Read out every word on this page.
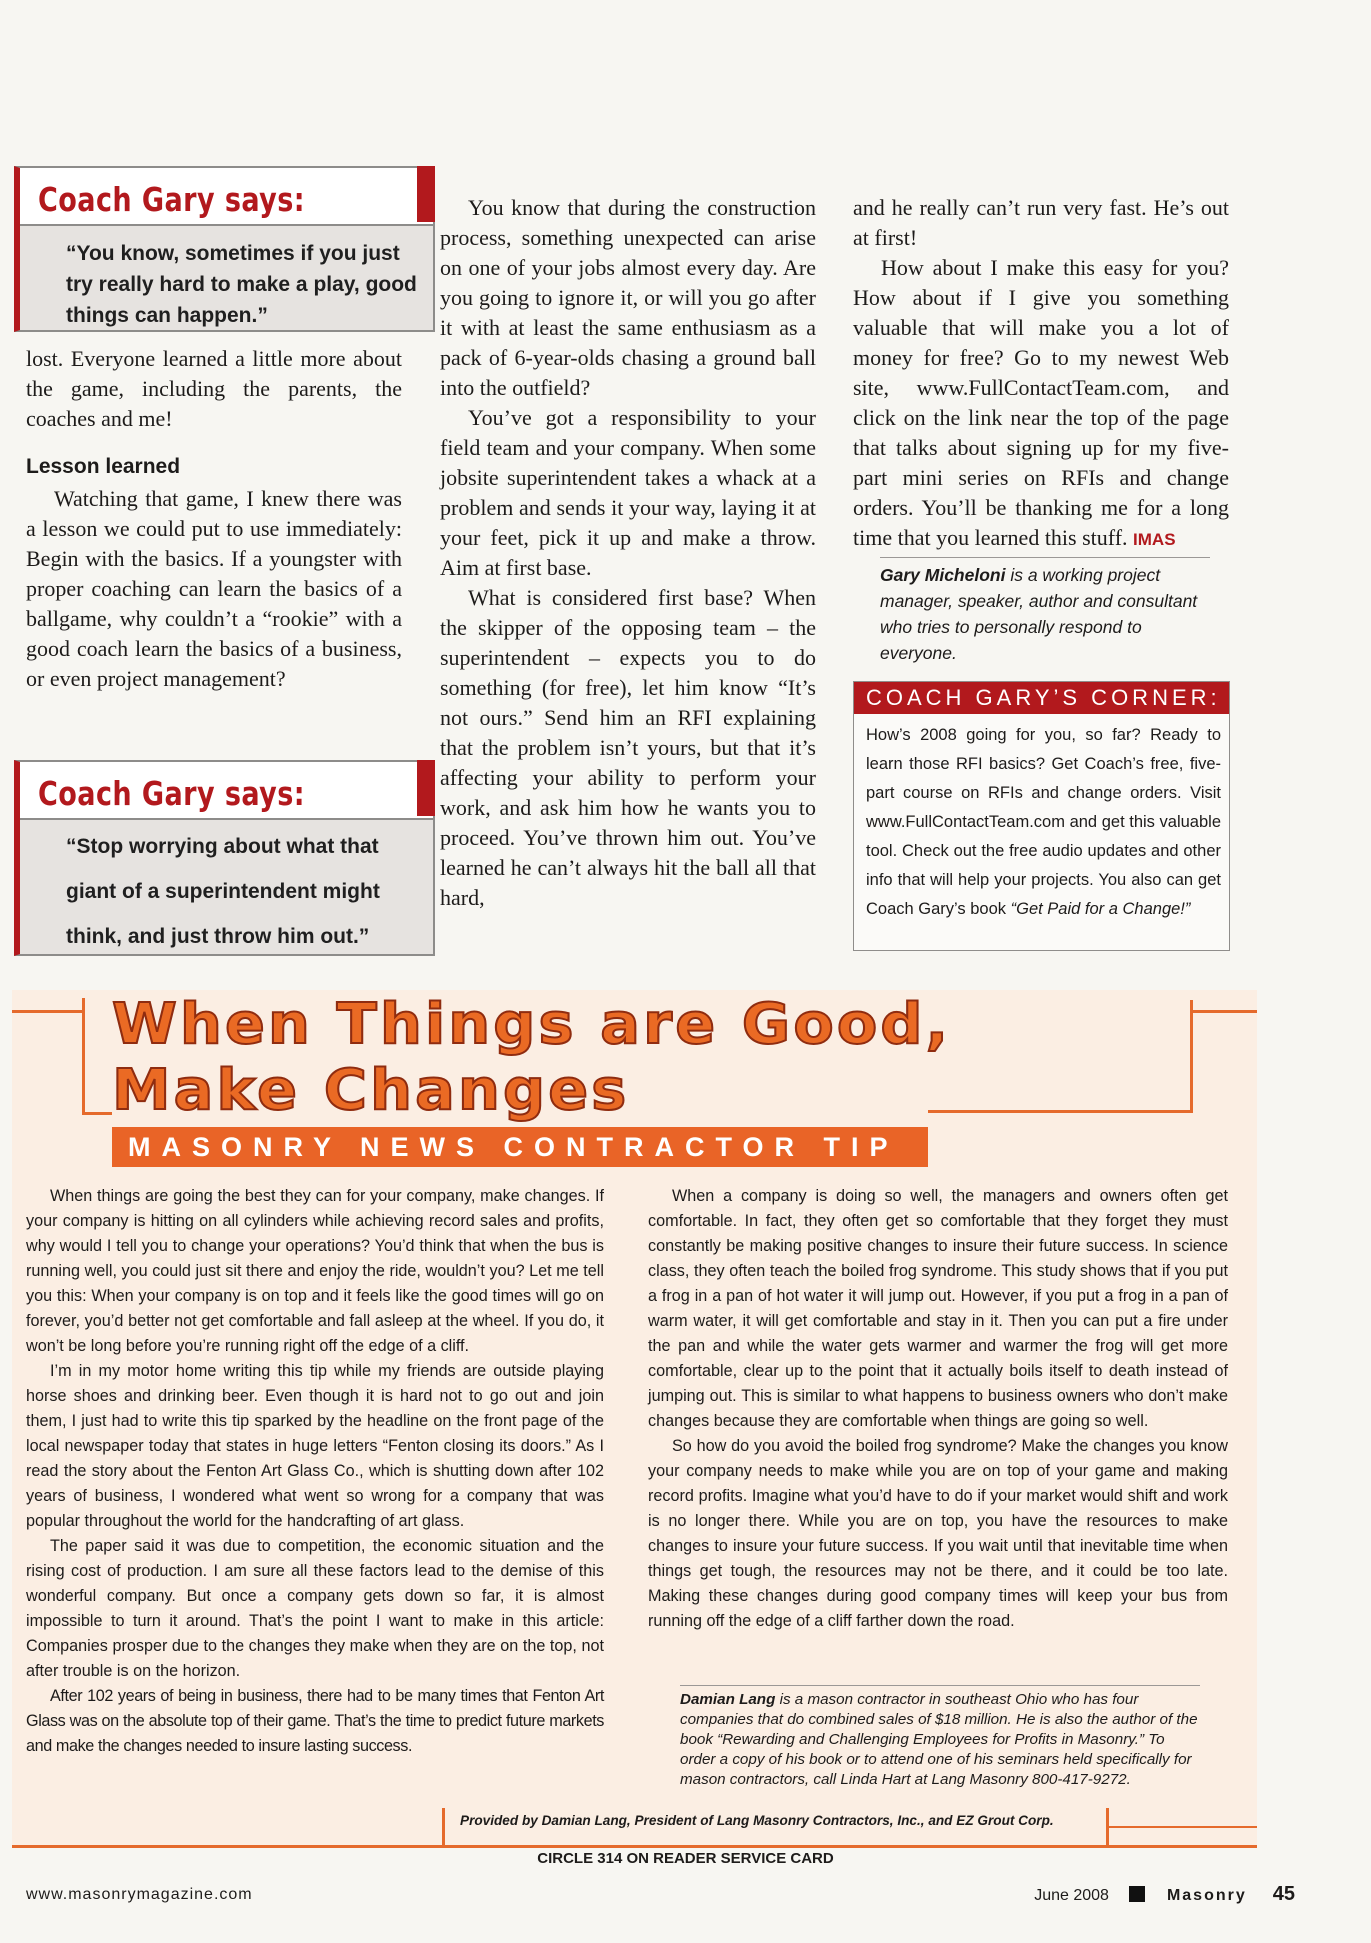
Coach Gary says:
“You know, sometimes if you just try really hard to make a play, good things can happen.”

lost. Everyone learned a little more about the game, including the parents, the coaches and me!

Lesson learned

Watching that game, I knew there was a lesson we could put to use immediately: Begin with the basics. If a youngster with proper coaching can learn the basics of a ballgame, why couldn’t a “rookie” with a good coach learn the basics of a business, or even project management?

Coach Gary says:
“Stop worrying about what that giant of a superintendent might think, and just throw him out.”

You know that during the construction process, something unexpected can arise on one of your jobs almost every day. Are you going to ignore it, or will you go after it with at least the same enthusiasm as a pack of 6-year-olds chasing a ground ball into the outfield?

You’ve got a responsibility to your field team and your company. When some jobsite superintendent takes a whack at a problem and sends it your way, laying it at your feet, pick it up and make a throw. Aim at first base.

What is considered first base? When the skipper of the opposing team – the superintendent – expects you to do something (for free), let him know “It’s not ours.” Send him an RFI explaining that the problem isn’t yours, but that it’s affecting your ability to perform your work, and ask him how he wants you to proceed. You’ve thrown him out. You’ve learned he can’t always hit the ball all that hard,

and he really can’t run very fast. He’s out at first!

How about I make this easy for you? How about if I give you something valuable that will make you a lot of money for free? Go to my newest Web site, www.FullContactTeam.com, and click on the link near the top of the page that talks about signing up for my five-part mini series on RFIs and change orders. You’ll be thanking me for a long time that you learned this stuff. IMAS

Gary Micheloni is a working project manager, speaker, author and consultant who tries to personally respond to everyone.
COACH GARY’S CORNER:
How’s 2008 going for you, so far? Ready to learn those RFI basics? Get Coach’s free, five-part course on RFIs and change orders. Visit www.FullContactTeam.com and get this valuable tool. Check out the free audio updates and other info that will help your projects. You also can get Coach Gary’s book “Get Paid for a Change!”
When Things are Good,
Make Changes
MASONRY NEWS CONTRACTOR TIP

When things are going the best they can for your company, make changes. If your company is hitting on all cylinders while achieving record sales and profits, why would I tell you to change your operations? You’d think that when the bus is running well, you could just sit there and enjoy the ride, wouldn’t you? Let me tell you this: When your company is on top and it feels like the good times will go on forever, you’d better not get comfortable and fall asleep at the wheel. If you do, it won’t be long before you’re running right off the edge of a cliff.

I’m in my motor home writing this tip while my friends are outside playing horse shoes and drinking beer. Even though it is hard not to go out and join them, I just had to write this tip sparked by the headline on the front page of the local newspaper today that states in huge letters “Fenton closing its doors.” As I read the story about the Fenton Art Glass Co., which is shutting down after 102 years of business, I wondered what went so wrong for a company that was popular throughout the world for the handcrafting of art glass.

The paper said it was due to competition, the economic situation and the rising cost of production. I am sure all these factors lead to the demise of this wonderful company. But once a company gets down so far, it is almost impossible to turn it around. That’s the point I want to make in this article: Companies prosper due to the changes they make when they are on the top, not after trouble is on the horizon.

After 102 years of being in business, there had to be many times that Fenton Art Glass was on the absolute top of their game. That’s the time to predict future markets and make the changes needed to insure lasting success.

When a company is doing so well, the managers and owners often get comfortable. In fact, they often get so comfortable that they forget they must constantly be making positive changes to insure their future success. In science class, they often teach the boiled frog syndrome. This study shows that if you put a frog in a pan of hot water it will jump out. However, if you put a frog in a pan of warm water, it will get comfortable and stay in it. Then you can put a fire under the pan and while the water gets warmer and warmer the frog will get more comfortable, clear up to the point that it actually boils itself to death instead of jumping out. This is similar to what happens to business owners who don’t make changes because they are comfortable when things are going so well.

So how do you avoid the boiled frog syndrome? Make the changes you know your company needs to make while you are on top of your game and making record profits. Imagine what you’d have to do if your market would shift and work is no longer there. While you are on top, you have the resources to make changes to insure your future success. If you wait until that inevitable time when things get tough, the resources may not be there, and it could be too late. Making these changes during good company times will keep your bus from running off the edge of a cliff farther down the road.

Damian Lang is a mason contractor in southeast Ohio who has four companies that do combined sales of $18 million. He is also the author of the book “Rewarding and Challenging Employees for Profits in Masonry.” To order a copy of his book or to attend one of his seminars held specifically for mason contractors, call Linda Hart at Lang Masonry 800-417-9272.
Provided by Damian Lang, President of Lang Masonry Contractors, Inc., and EZ Grout Corp.
CIRCLE 314 ON READER SERVICE CARD
www.masonrymagazine.com	June 2008	Masonry 45
